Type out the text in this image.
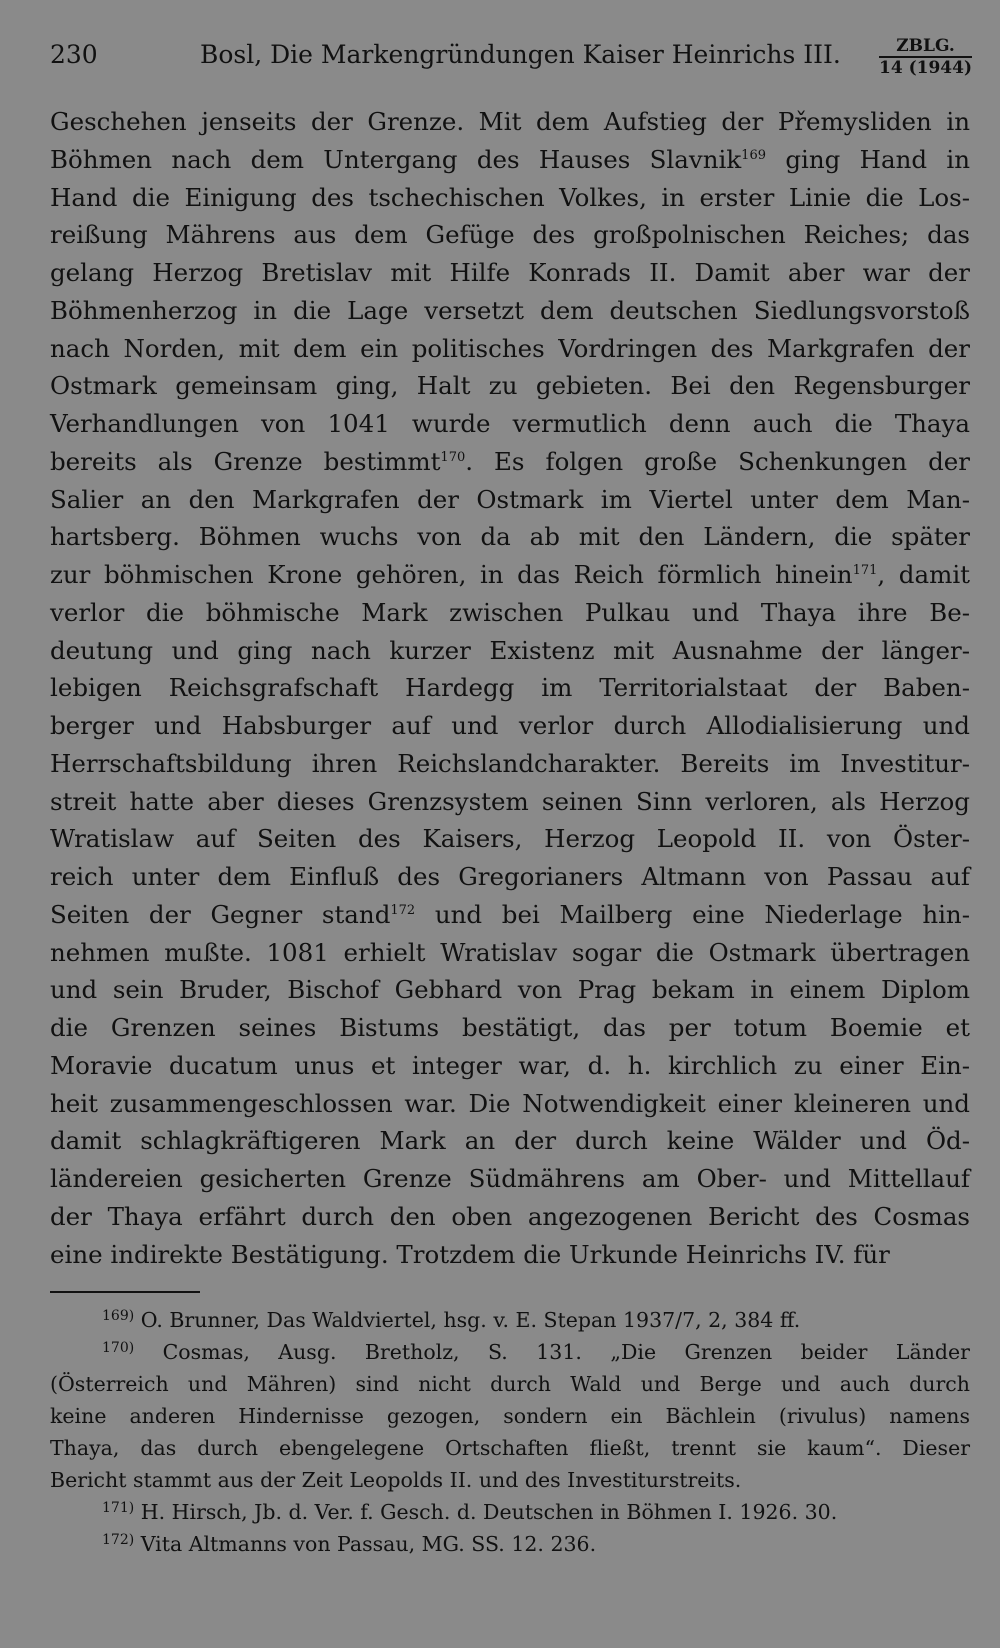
230	Bosl, Die Markengründungen Kaiser Heinrichs III.	ZBLG.
14 (1944)
Geschehen jenseits der Grenze. Mit dem Aufstieg der Přemysliden in
Böhmen nach dem Untergang des Hauses Slavnik$^{169}$ ging Hand in
Hand die Einigung des tschechischen Volkes, in erster Linie die Los-
reißung Mährens aus dem Gefüge des großpolnischen Reiches; das
gelang Herzog Bretislav mit Hilfe Konrads II. Damit aber war der
Böhmenherzog in die Lage versetzt dem deutschen Siedlungsvorstoß
nach Norden, mit dem ein politisches Vordringen des Markgrafen der
Ostmark gemeinsam ging, Halt zu gebieten. Bei den Regensburger
Verhandlungen von 1041 wurde vermutlich denn auch die Thaya
bereits als Grenze bestimmt$^{170}$. Es folgen große Schenkungen der
Salier an den Markgrafen der Ostmark im Viertel unter dem Man-
hartsberg. Böhmen wuchs von da ab mit den Ländern, die später
zur böhmischen Krone gehören, in das Reich förmlich hinein$^{171}$, damit
verlor die böhmische Mark zwischen Pulkau und Thaya ihre Be-
deutung und ging nach kurzer Existenz mit Ausnahme der länger-
lebigen Reichsgrafschaft Hardegg im Territorialstaat der Baben-
berger und Habsburger auf und verlor durch Allodialisierung und
Herrschaftsbildung ihren Reichslandcharakter. Bereits im Investitur-
streit hatte aber dieses Grenzsystem seinen Sinn verloren, als Herzog
Wratislaw auf Seiten des Kaisers, Herzog Leopold II. von Öster-
reich unter dem Einfluß des Gregorianers Altmann von Passau auf
Seiten der Gegner stand$^{172}$ und bei Mailberg eine Niederlage hin-
nehmen mußte. 1081 erhielt Wratislav sogar die Ostmark übertragen
und sein Bruder, Bischof Gebhard von Prag bekam in einem Diplom
die Grenzen seines Bistums bestätigt, das per totum Boemie et
Moravie ducatum unus et integer war, d. h. kirchlich zu einer Ein-
heit zusammengeschlossen war. Die Notwendigkeit einer kleineren und
damit schlagkräftigeren Mark an der durch keine Wälder und Öd-
ländereien gesicherten Grenze Südmährens am Ober- und Mittellauf
der Thaya erfährt durch den oben angezogenen Bericht des Cosmas
eine indirekte Bestätigung. Trotzdem die Urkunde Heinrichs IV. für
$^{169)}$ O. Brunner, Das Waldviertel, hsg. v. E. Stepan 1937/7, 2, 384 ff.
$^{170)}$ Cosmas, Ausg. Bretholz, S. 131. „Die Grenzen beider Länder
(Österreich und Mähren) sind nicht durch Wald und Berge und auch durch
keine anderen Hindernisse gezogen, sondern ein Bächlein (rivulus) namens
Thaya, das durch ebengelegene Ortschaften fließt, trennt sie kaum“. Dieser
Bericht stammt aus der Zeit Leopolds II. und des Investiturstreits.
$^{171)}$ H. Hirsch, Jb. d. Ver. f. Gesch. d. Deutschen in Böhmen I. 1926. 30.
$^{172)}$ Vita Altmanns von Passau, MG. SS. 12. 236.
